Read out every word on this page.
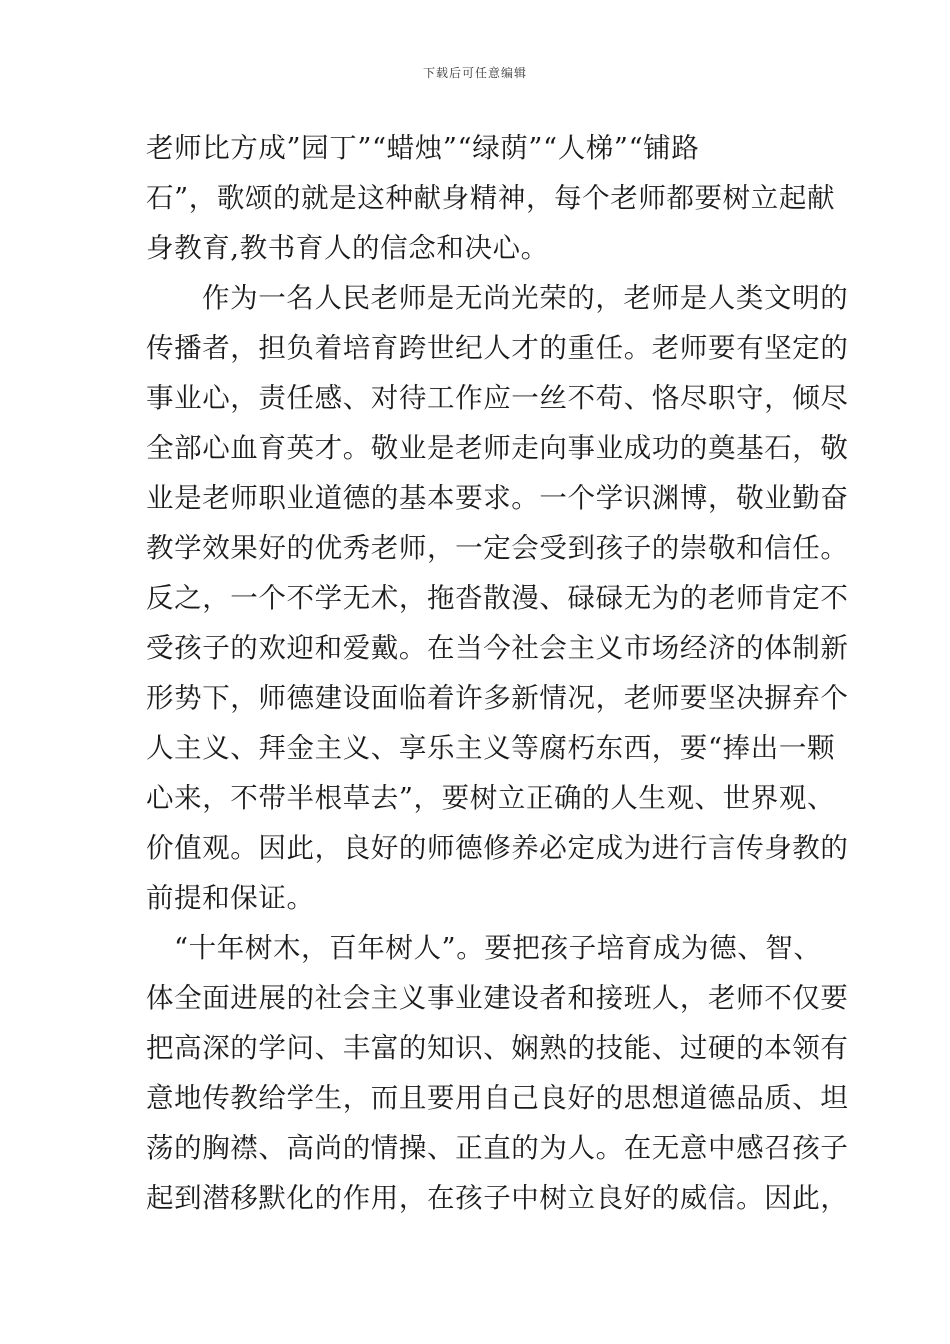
下载后可任意编辑
老师比方成”园丁”“蜡烛”“绿荫”“人梯”“铺路
石”，歌颂的就是这种献身精神，每个老师都要树立起献
身教育,教书育人的信念和决心。
作为一名人民老师是无尚光荣的，老师是人类文明的
传播者，担负着培育跨世纪人才的重任。老师要有坚定的
事业心，责任感、对待工作应一丝不苟、恪尽职守，倾尽
全部心血育英才。敬业是老师走向事业成功的奠基石，敬
业是老师职业道德的基本要求。一个学识渊博，敬业勤奋
教学效果好的优秀老师，一定会受到孩子的崇敬和信任。
反之，一个不学无术，拖沓散漫、碌碌无为的老师肯定不
受孩子的欢迎和爱戴。在当今社会主义市场经济的体制新
形势下，师德建设面临着许多新情况，老师要坚决摒弃个
人主义、拜金主义、享乐主义等腐朽东西，要“捧出一颗
心来，不带半根草去”，要树立正确的人生观、世界观、
价值观。因此，良好的师德修养必定成为进行言传身教的
前提和保证。
“十年树木，百年树人”。要把孩子培育成为德、智、
体全面进展的社会主义事业建设者和接班人，老师不仅要
把高深的学问、丰富的知识、娴熟的技能、过硬的本领有
意地传教给学生，而且要用自己良好的思想道德品质、坦
荡的胸襟、高尚的情操、正直的为人。在无意中感召孩子
起到潜移默化的作用，在孩子中树立良好的威信。因此，
